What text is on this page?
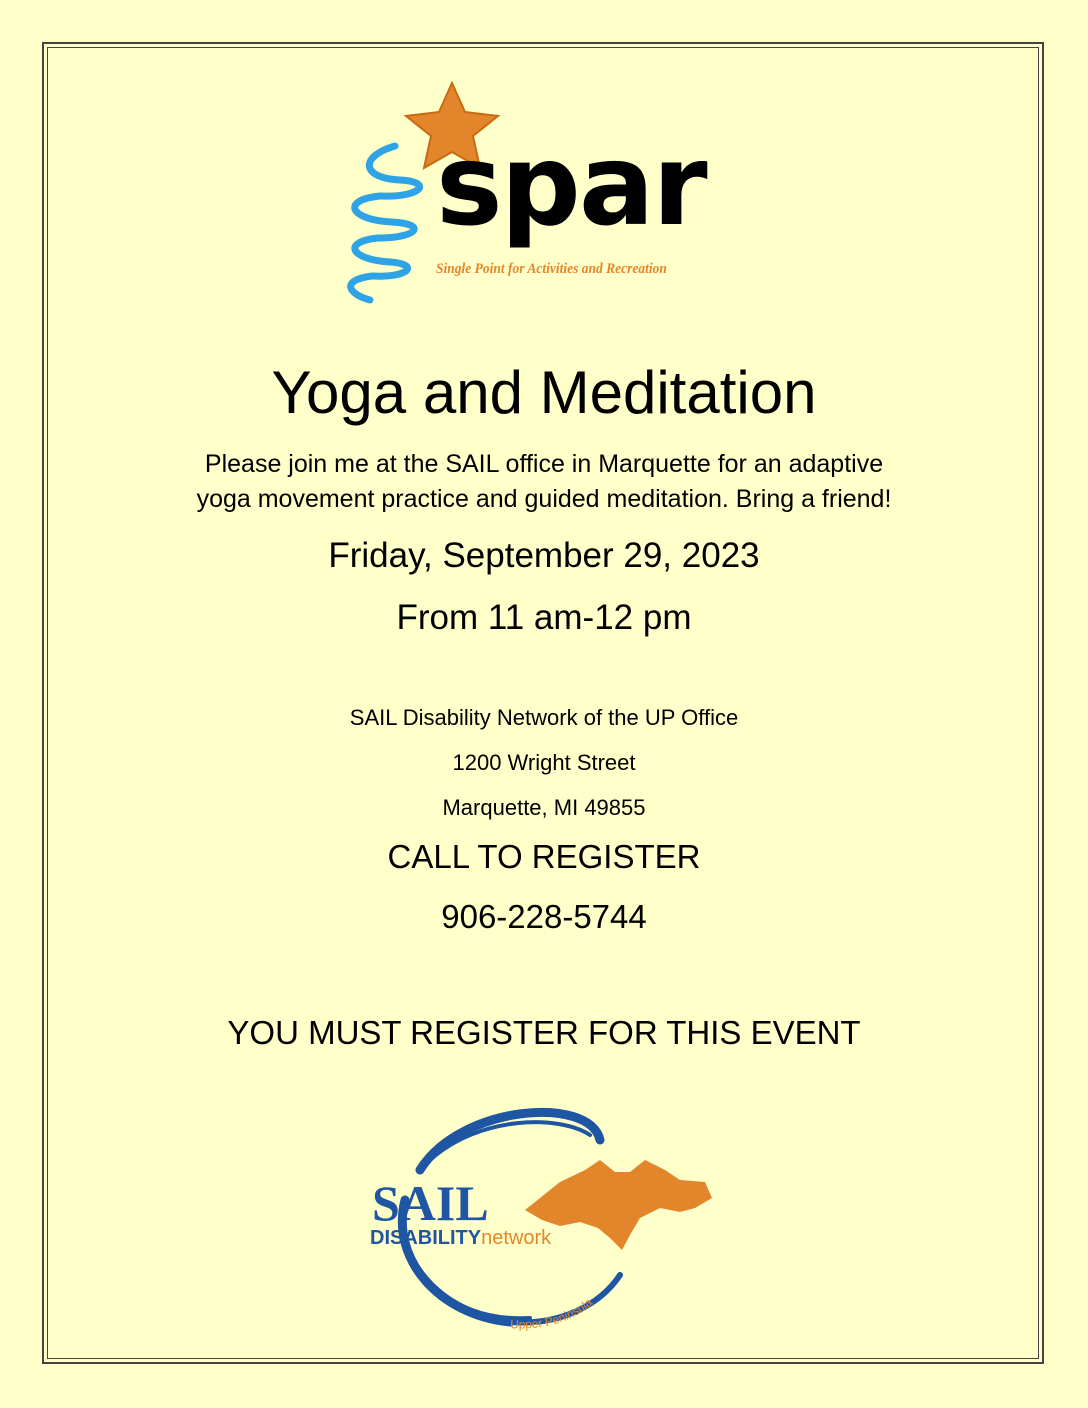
spar
Single Point for Activities and Recreation
Yoga and Meditation
Please join me at the SAIL office in Marquette for an adaptive
yoga movement practice and guided meditation. Bring a friend!
Friday, September 29, 2023
From 11 am-12 pm
SAIL Disability Network of the UP Office
1200 Wright Street
Marquette, MI 49855
CALL TO REGISTER
906-228-5744
YOU MUST REGISTER FOR THIS EVENT
Upper Peninsula
SAIL
DISABILITYnetwork
